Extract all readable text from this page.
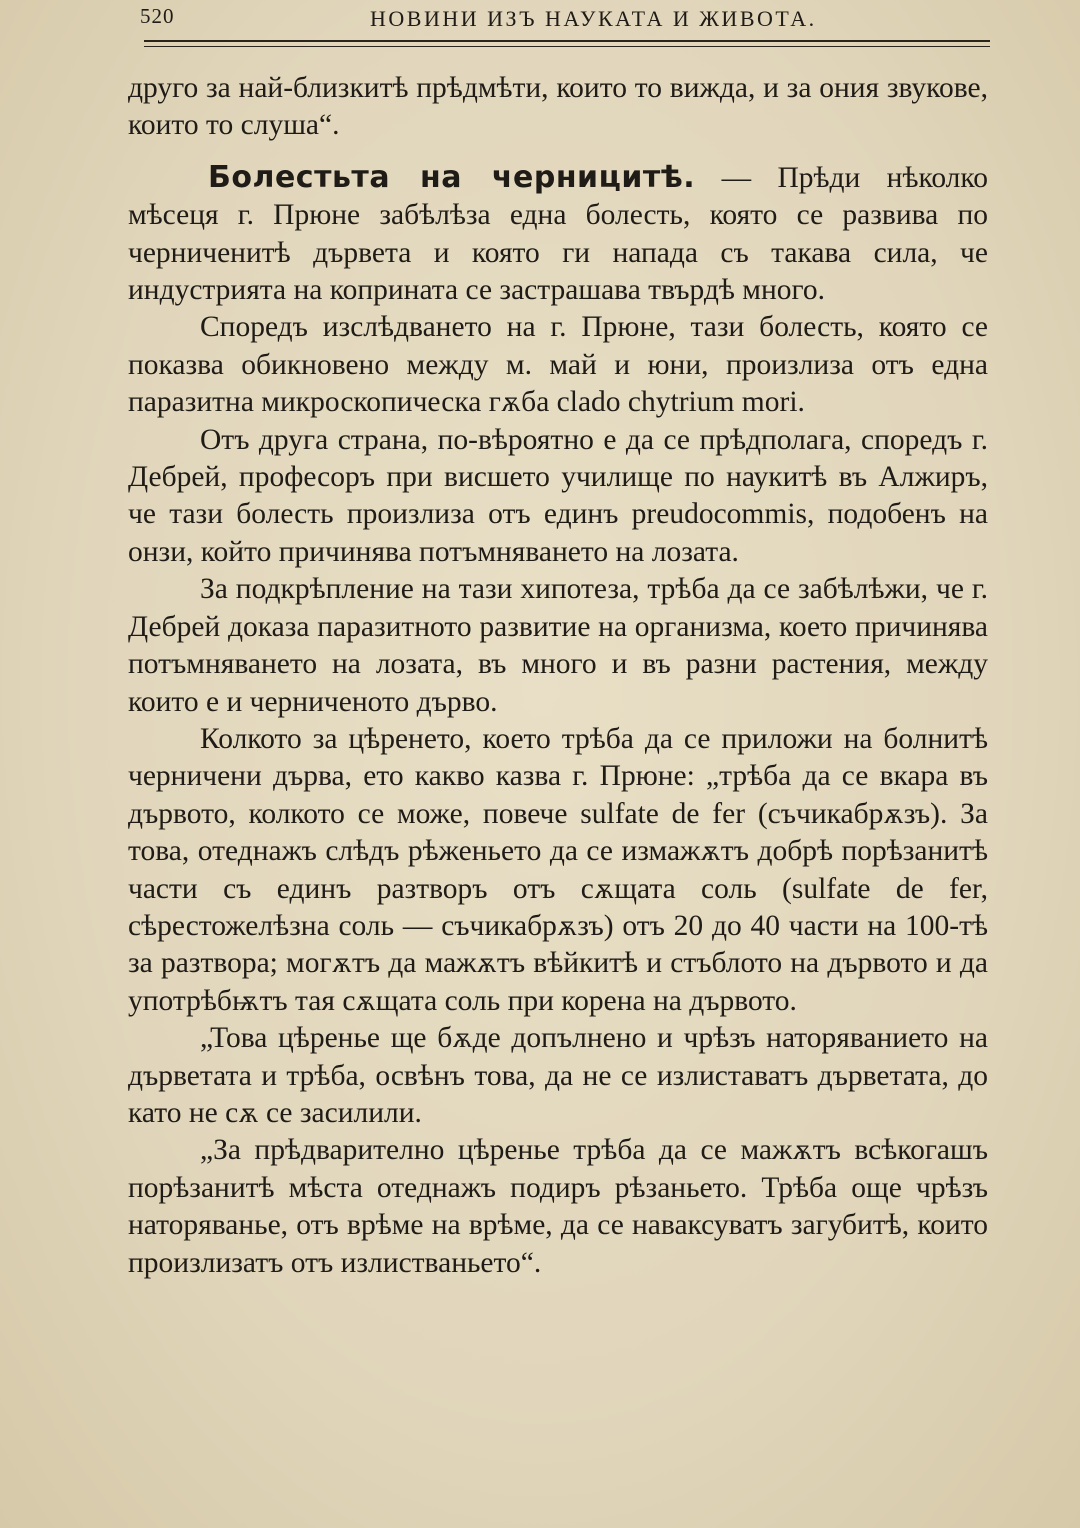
520	НОВИНИ ИЗЪ НАУКАТА И ЖИВОТА.

друго за най-близкитѣ прѣдмѣти, които то вижда, и за ония звукове, които то слуша“.

Болестьта на черницитѣ. — Прѣди нѣколко мѣсеця г. Прюне забѣлѣза една болесть, която се развива по черниченитѣ дървета и която ги напада съ такава сила, че индустрията на коприната се застрашава твърдѣ много.

Споредъ изслѣдването на г. Прюне, тази болесть, която се показва обикновено между м. май и юни, произлиза отъ една паразитна микроскопическа гѫба clado chytrium mori.

Отъ друга страна, по-вѣроятно е да се прѣдполага, споредъ г. Дебрей, професоръ при висшето училище по наукитѣ въ Алжиръ, че тази болесть произлиза отъ единъ preudocommis, подобенъ на онзи, който причинява потъмняването на лозата.

За подкрѣпление на тази хипотеза, трѣба да се забѣлѣжи, че г. Дебрей доказа паразитното развитие на организма, което причинява потъмняването на лозата, въ много и въ разни растения, между които е и черниченото дърво.

Колкото за цѣренето, което трѣба да се приложи на болнитѣ черничени дърва, ето какво казва г. Прюне: „трѣба да се вкара въ дървото, колкото се може, повече sulfate de fer (съчикабрѫзъ). За това, отеднажъ слѣдъ рѣженьето да се измажѫтъ добрѣ порѣзанитѣ части съ единъ разтворъ отъ сѫщата соль (sulfate de fer, сѣрестожелѣзна соль — съчикабрѫзъ) отъ 20 до 40 части на 100-тѣ за разтвора; могѫтъ да мажѫтъ вѣйкитѣ и стъблото на дървото и да употрѣбѭтъ тая сѫщата соль при корена на дървото.

„Това цѣренье ще бѫде допълнено и чрѣзъ наторяванието на дърветата и трѣба, освѣнъ това, да не се излиставатъ дърветата, до като не сѫ се засилили.

„За прѣдварително цѣренье трѣба да се мажѫтъ всѣкогашъ порѣзанитѣ мѣста отеднажъ подиръ рѣзаньето. Трѣба още чрѣзъ наторяванье, отъ врѣме на врѣме, да се наваксуватъ загубитѣ, които произлизатъ отъ излистваньето“.
